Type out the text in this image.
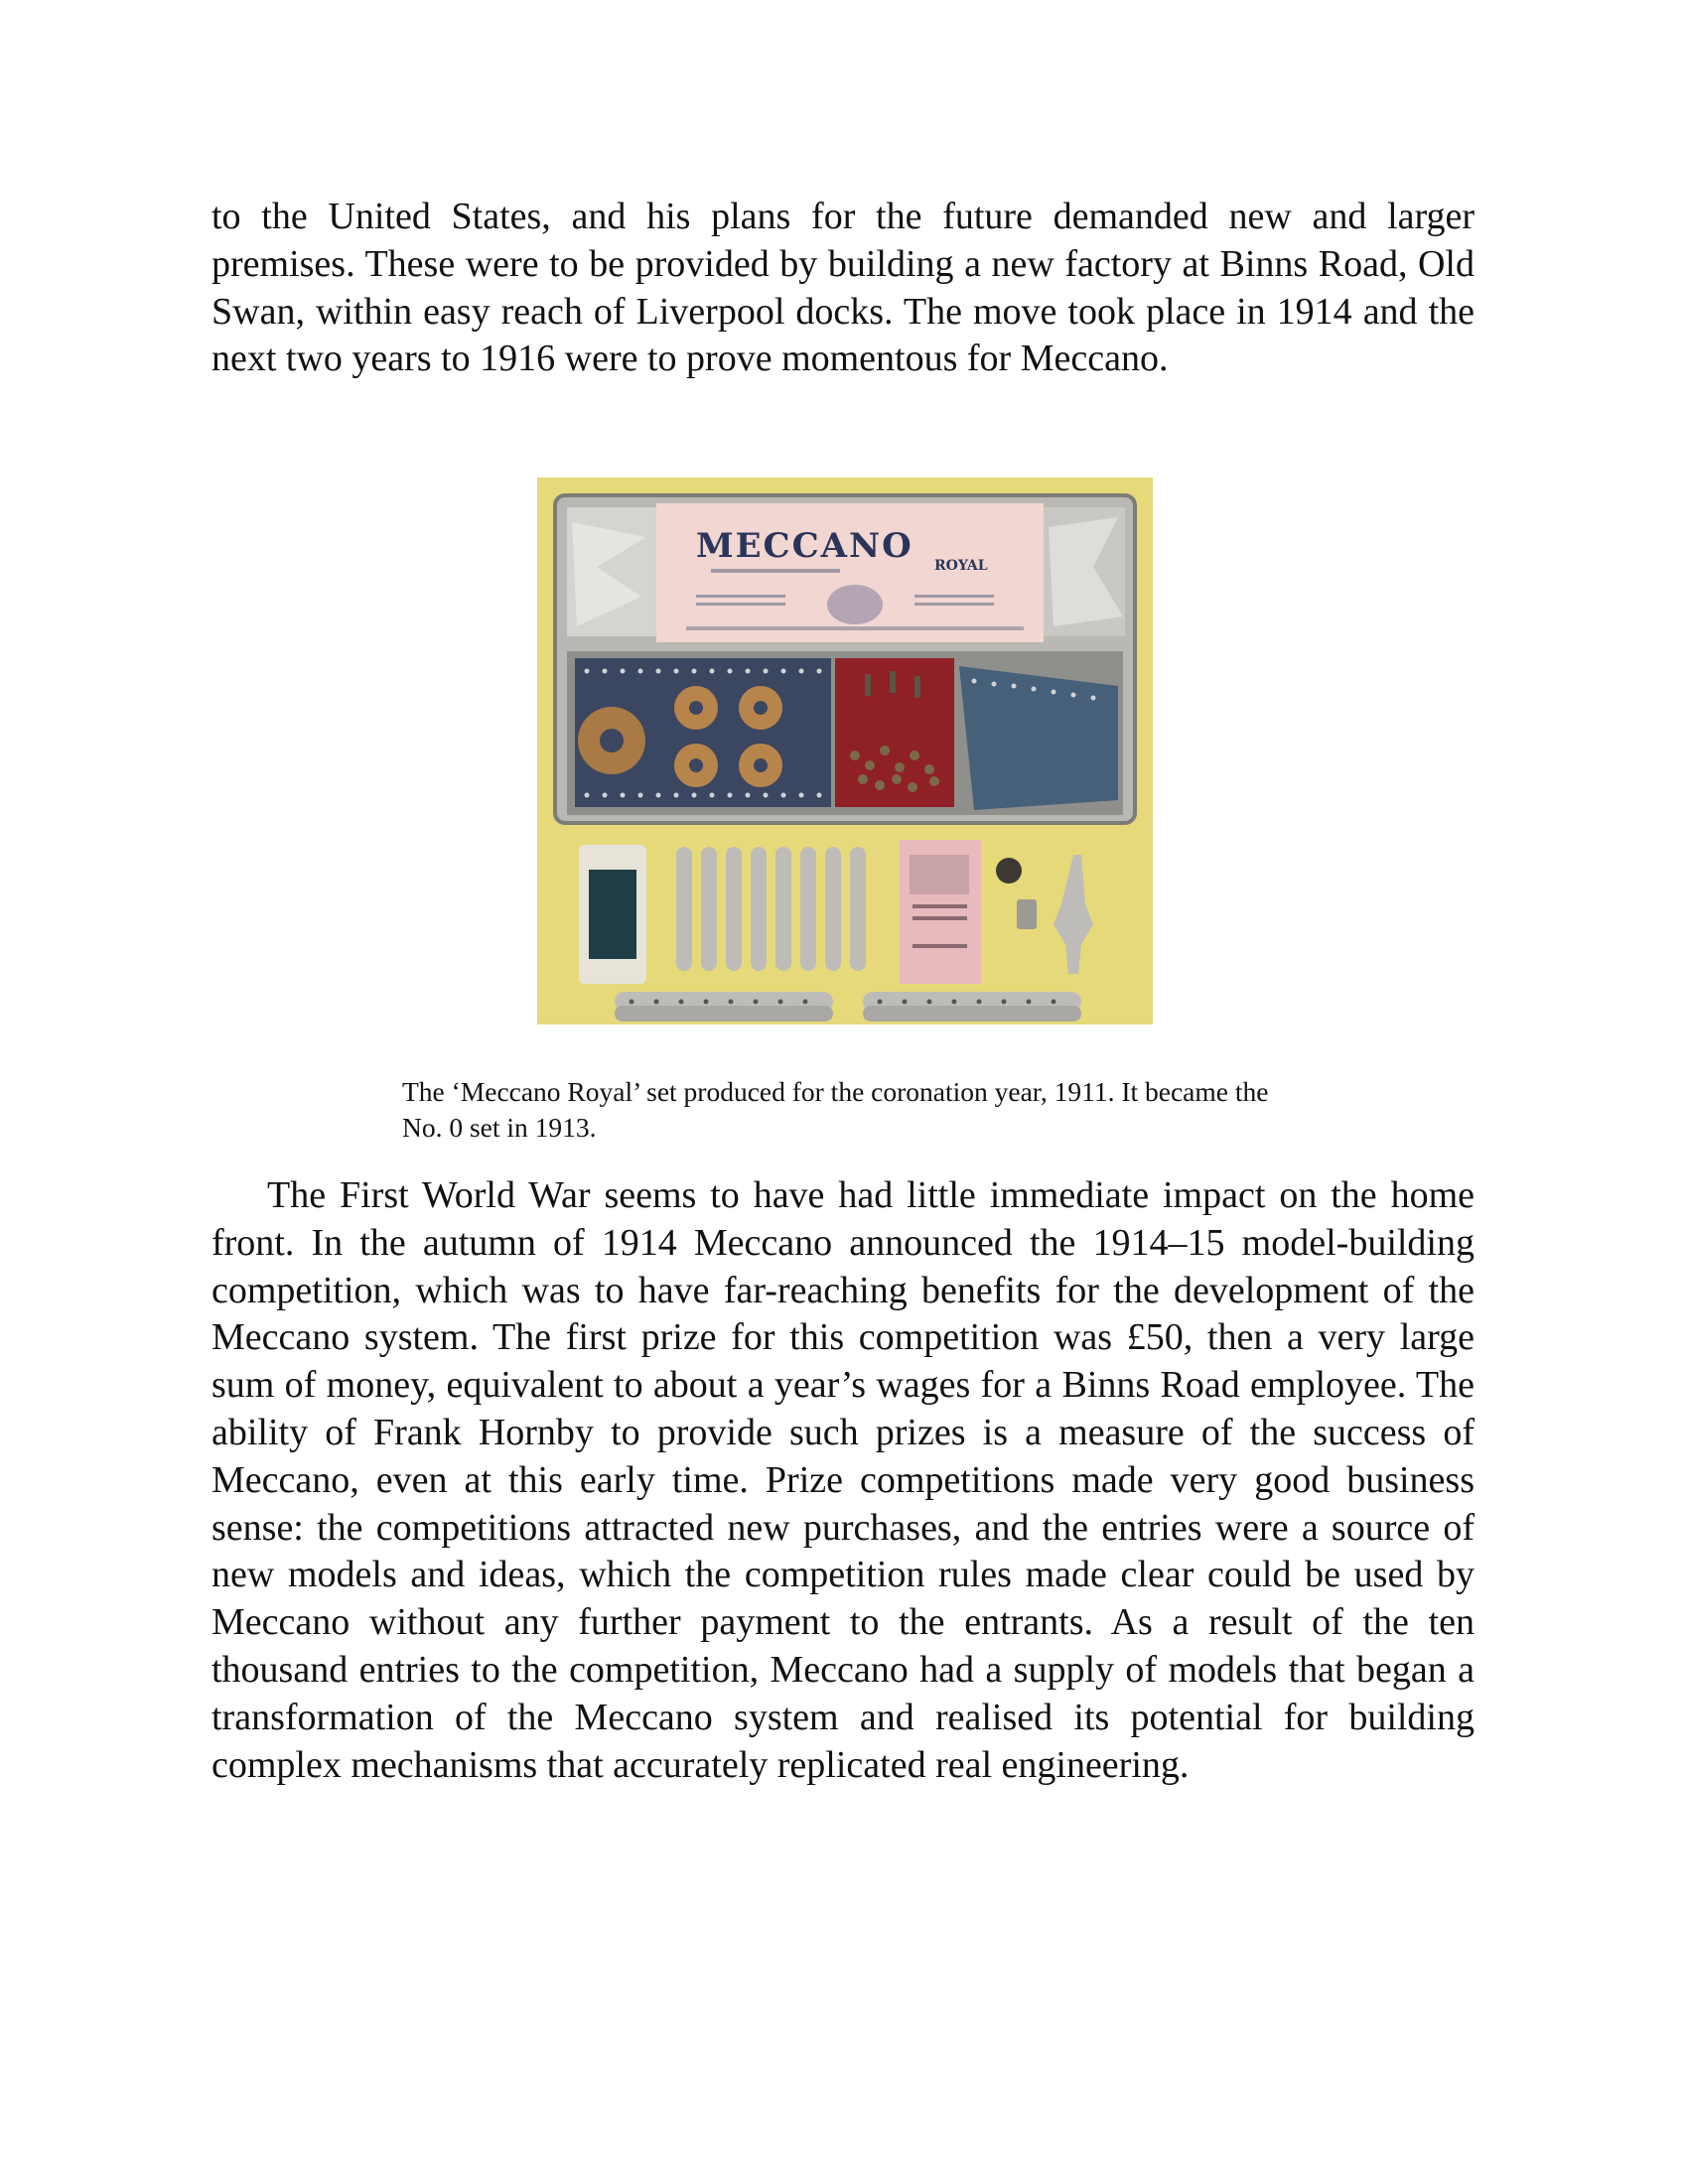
to the United States, and his plans for the future demanded new and larger premises. These were to be provided by building a new factory at Binns Road, Old Swan, within easy reach of Liverpool docks. The move took place in 1914 and the next two years to 1916 were to prove momentous for Meccano.

MECCANO ROYAL

The ‘Meccano Royal’ set produced for the coronation year, 1911. It became the No. 0 set in 1913.

The First World War seems to have had little immediate impact on the home front. In the autumn of 1914 Meccano announced the 1914–15 model-building competition, which was to have far-reaching benefits for the development of the Meccano system. The first prize for this competition was £50, then a very large sum of money, equivalent to about a year’s wages for a Binns Road employee. The ability of Frank Hornby to provide such prizes is a measure of the success of Meccano, even at this early time. Prize competitions made very good business sense: the competitions attracted new purchases, and the entries were a source of new models and ideas, which the competition rules made clear could be used by Meccano without any further payment to the entrants. As a result of the ten thousand entries to the competition, Meccano had a supply of models that began a transformation of the Meccano system and realised its potential for building complex mechanisms that accurately replicated real engineering.
